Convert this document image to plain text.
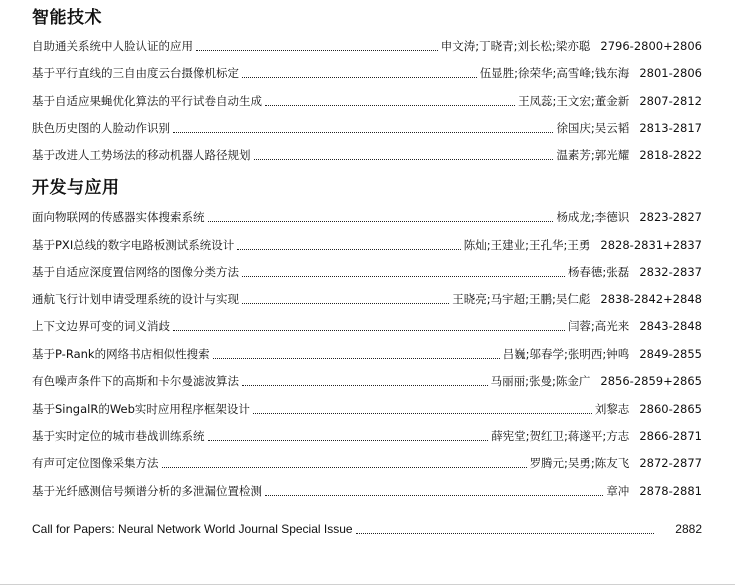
智能技术
自助通关系统中人脸认证的应用	申文涛;丁晓青;刘长松;梁亦聪 2796-2800+2806
基于平行直线的三自由度云台摄像机标定	伍显胜;徐荣华;高雪峰;钱东海 2801-2806
基于自适应果蝇优化算法的平行试卷自动生成	王凤蕊;王文宏;董金新 2807-2812
肤色历史图的人脸动作识别	徐国庆;吴云韬 2813-2817
基于改进人工势场法的移动机器人路径规划	温素芳;郭光耀 2818-2822
开发与应用
面向物联网的传感器实体搜索系统	杨成龙;李德识 2823-2827
基于PXI总线的数字电路板测试系统设计	陈灿;王建业;王孔华;王勇 2828-2831+2837
基于自适应深度置信网络的图像分类方法	杨春德;张磊 2832-2837
通航飞行计划申请受理系统的设计与实现	王晓亮;马宇超;王鹏;吴仁彪 2838-2842+2848
上下文边界可变的词义消歧	闫蓉;高光来 2843-2848
基于P-Rank的网络书店相似性搜索	吕巍;邬春学;张明西;钟鸣 2849-2855
有色噪声条件下的高斯和卡尔曼滤波算法	马丽丽;张曼;陈金广 2856-2859+2865
基于SingalR的Web实时应用程序框架设计	刘黎志 2860-2865
基于实时定位的城市巷战训练系统	薛宪堂;贺红卫;蒋遂平;方志 2866-2871
有声可定位图像采集方法	罗腾元;吴勇;陈友飞 2872-2877
基于光纤感测信号频谱分析的多泄漏位置检测	章冲 2878-2881
Call for Papers: Neural Network World Journal Special Issue	2882
